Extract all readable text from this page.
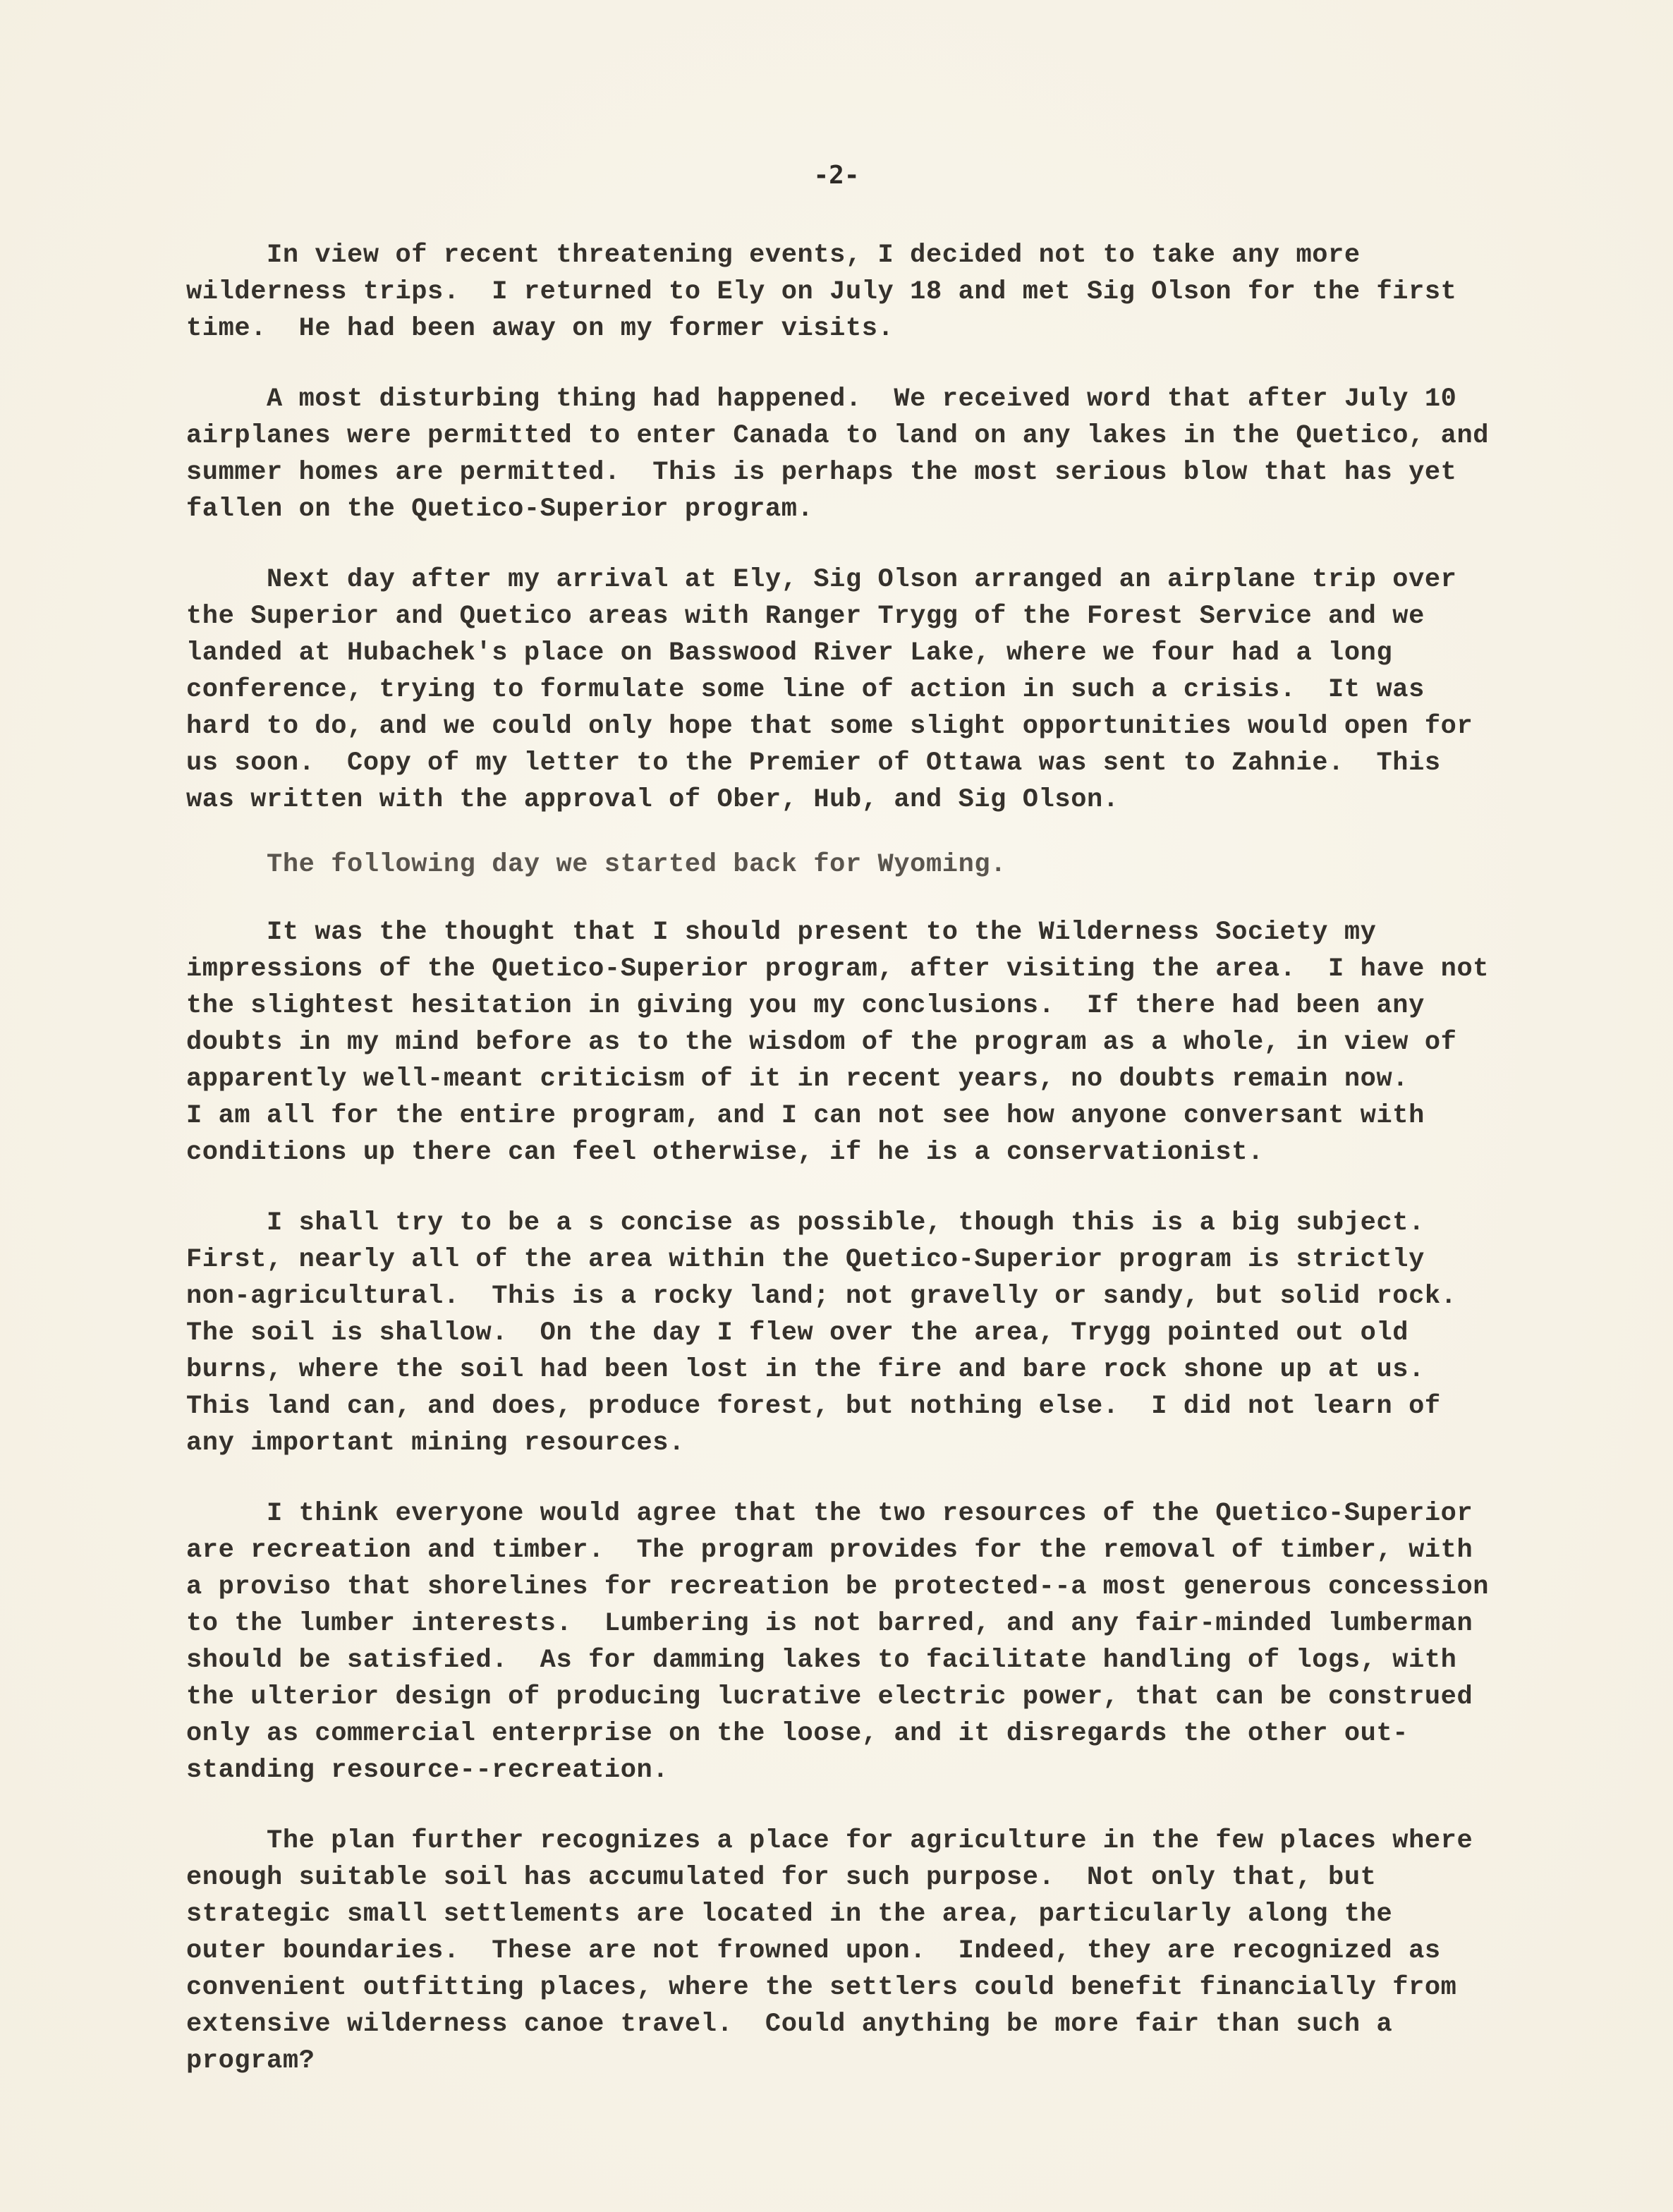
-2-
In view of recent threatening events, I decided not to take any more
wilderness trips.  I returned to Ely on July 18 and met Sig Olson for the first
time.  He had been away on my former visits.
A most disturbing thing had happened.  We received word that after July 10
airplanes were permitted to enter Canada to land on any lakes in the Quetico, and
summer homes are permitted.  This is perhaps the most serious blow that has yet
fallen on the Quetico-Superior program.
Next day after my arrival at Ely, Sig Olson arranged an airplane trip over
the Superior and Quetico areas with Ranger Trygg of the Forest Service and we
landed at Hubachek's place on Basswood River Lake, where we four had a long
conference, trying to formulate some line of action in such a crisis.  It was
hard to do, and we could only hope that some slight opportunities would open for
us soon.  Copy of my letter to the Premier of Ottawa was sent to Zahnie.  This
was written with the approval of Ober, Hub, and Sig Olson.
The following day we started back for Wyoming.
It was the thought that I should present to the Wilderness Society my
impressions of the Quetico-Superior program, after visiting the area.  I have not
the slightest hesitation in giving you my conclusions.  If there had been any
doubts in my mind before as to the wisdom of the program as a whole, in view of
apparently well-meant criticism of it in recent years, no doubts remain now.
I am all for the entire program, and I can not see how anyone conversant with
conditions up there can feel otherwise, if he is a conservationist.
I shall try to be a s concise as possible, though this is a big subject.
First, nearly all of the area within the Quetico-Superior program is strictly
non-agricultural.  This is a rocky land; not gravelly or sandy, but solid rock.
The soil is shallow.  On the day I flew over the area, Trygg pointed out old
burns, where the soil had been lost in the fire and bare rock shone up at us.
This land can, and does, produce forest, but nothing else.  I did not learn of
any important mining resources.
I think everyone would agree that the two resources of the Quetico-Superior
are recreation and timber.  The program provides for the removal of timber, with
a proviso that shorelines for recreation be protected--a most generous concession
to the lumber interests.  Lumbering is not barred, and any fair-minded lumberman
should be satisfied.  As for damming lakes to facilitate handling of logs, with
the ulterior design of producing lucrative electric power, that can be construed
only as commercial enterprise on the loose, and it disregards the other out-
standing resource--recreation.
The plan further recognizes a place for agriculture in the few places where
enough suitable soil has accumulated for such purpose.  Not only that, but
strategic small settlements are located in the area, particularly along the
outer boundaries.  These are not frowned upon.  Indeed, they are recognized as
convenient outfitting places, where the settlers could benefit financially from
extensive wilderness canoe travel.  Could anything be more fair than such a
program?
